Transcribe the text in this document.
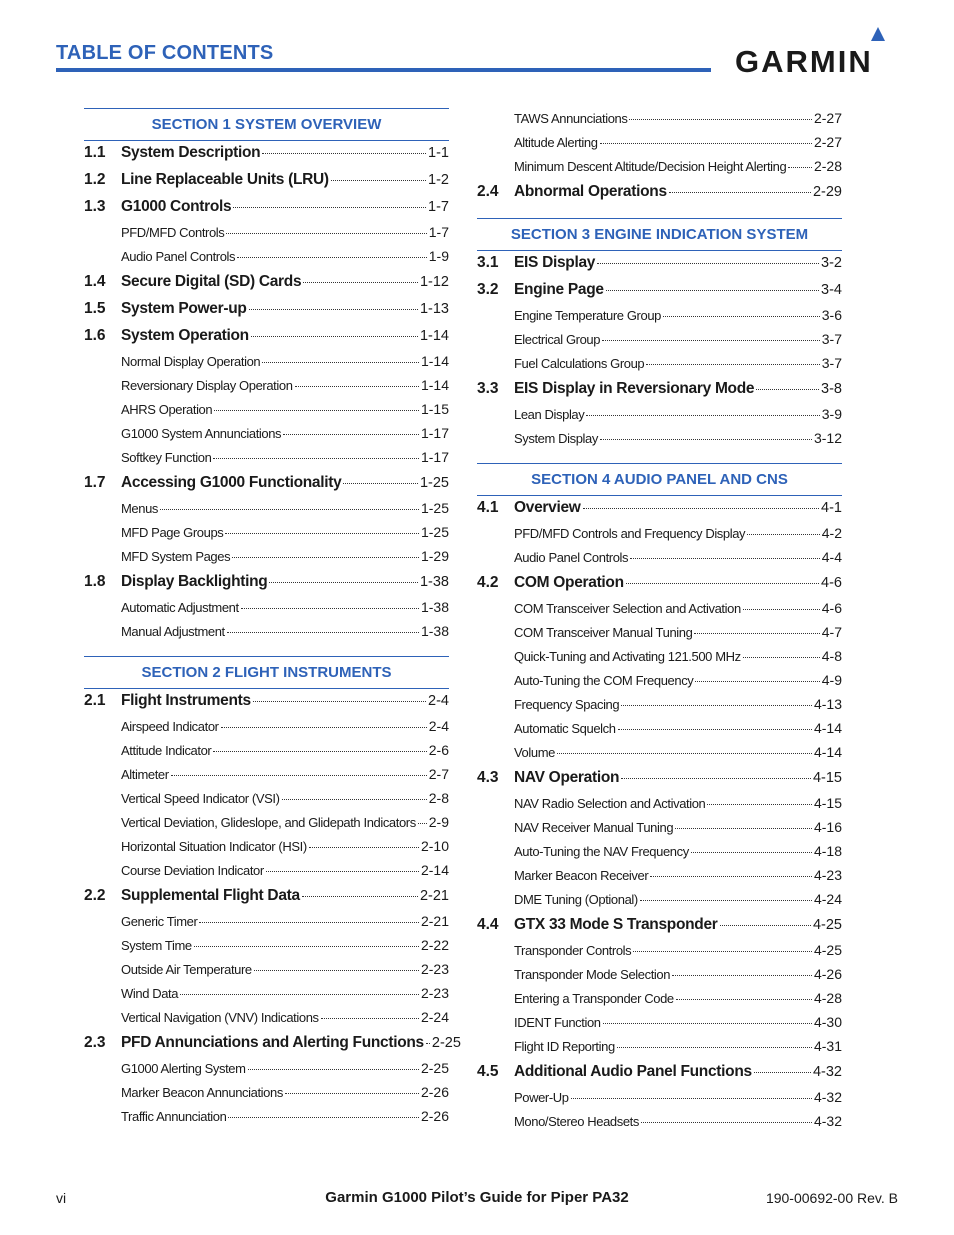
TABLE OF CONTENTS	GARMIN
SECTION 1 SYSTEM OVERVIEW
1.1 System Description	1-1
1.2 Line Replaceable Units (LRU)	1-2
1.3 G1000 Controls	1-7
PFD/MFD Controls	1-7
Audio Panel Controls	1-9
1.4 Secure Digital (SD) Cards	1-12
1.5 System Power-up	1-13
1.6 System Operation	1-14
Normal Display Operation	1-14
Reversionary Display Operation	1-14
AHRS Operation	1-15
G1000 System Annunciations	1-17
Softkey Function	1-17
1.7 Accessing G1000 Functionality	1-25
Menus	1-25
MFD Page Groups	1-25
MFD System Pages	1-29
1.8 Display Backlighting	1-38
Automatic Adjustment	1-38
Manual Adjustment	1-38
SECTION 2 FLIGHT INSTRUMENTS
2.1 Flight Instruments	2-4
Airspeed Indicator	2-4
Attitude Indicator	2-6
Altimeter	2-7
Vertical Speed Indicator (VSI)	2-8
Vertical Deviation, Glideslope, and Glidepath Indicators 2-9
Horizontal Situation Indicator (HSI)	2-10
Course Deviation Indicator	2-14
2.2 Supplemental Flight Data	2-21
Generic Timer	2-21
System Time	2-22
Outside Air Temperature	2-23
Wind Data	2-23
Vertical Navigation (VNV) Indications	2-24
2.3 PFD Annunciations and Alerting Functions 2-25
G1000 Alerting System	2-25
Marker Beacon Annunciations	2-26
Traffic Annunciation	2-26
TAWS Annunciations	2-27
Altitude Alerting	2-27
Minimum Descent Altitude/Decision Height Alerting 2-28
2.4 Abnormal Operations	2-29
SECTION 3 ENGINE INDICATION SYSTEM
3.1 EIS Display	3-2
3.2 Engine Page	3-4
Engine Temperature Group	3-6
Electrical Group	3-7
Fuel Calculations Group	3-7
3.3 EIS Display in Reversionary Mode	3-8
Lean Display	3-9
System Display	3-12
SECTION 4 AUDIO PANEL AND CNS
4.1 Overview	4-1
PFD/MFD Controls and Frequency Display	4-2
Audio Panel Controls	4-4
4.2 COM Operation	4-6
COM Transceiver Selection and Activation	4-6
COM Transceiver Manual Tuning	4-7
Quick-Tuning and Activating 121.500 MHz	4-8
Auto-Tuning the COM Frequency	4-9
Frequency Spacing	4-13
Automatic Squelch	4-14
Volume	4-14
4.3 NAV Operation	4-15
NAV Radio Selection and Activation	4-15
NAV Receiver Manual Tuning	4-16
Auto-Tuning the NAV Frequency	4-18
Marker Beacon Receiver	4-23
DME Tuning (Optional)	4-24
4.4 GTX 33 Mode S Transponder	4-25
Transponder Controls	4-25
Transponder Mode Selection	4-26
Entering a Transponder Code	4-28
IDENT Function	4-30
Flight ID Reporting	4-31
4.5 Additional Audio Panel Functions	4-32
Power-Up	4-32
Mono/Stereo Headsets	4-32
vi	Garmin G1000 Pilot’s Guide for Piper PA32	190-00692-00 Rev. B
